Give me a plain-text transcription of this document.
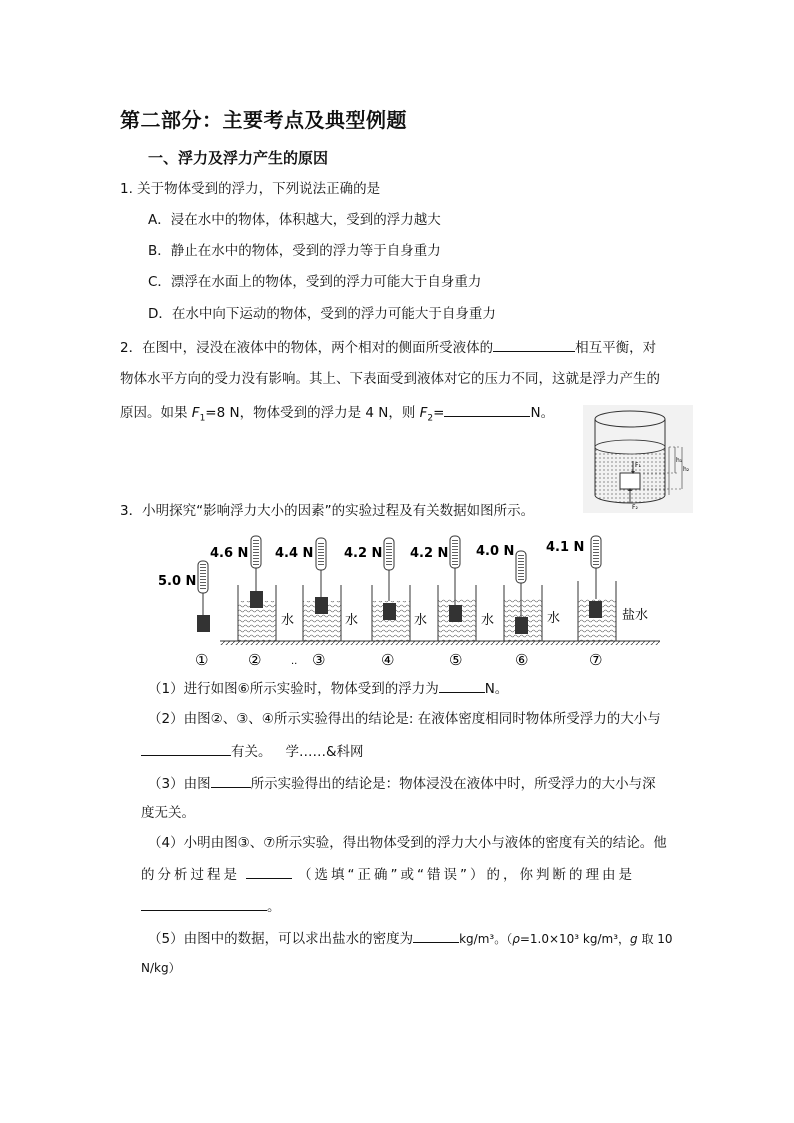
第二部分：主要考点及典型例题
一、浮力及浮力产生的原因
1. 关于物体受到的浮力，下列说法正确的是
A．浸在水中的物体，体积越大，受到的浮力越大
B．静止在水中的物体，受到的浮力等于自身重力
C．漂浮在水面上的物体，受到的浮力可能大于自身重力
D．在水中向下运动的物体，受到的浮力可能大于自身重力
2．在图中，浸没在液体中的物体，两个相对的侧面所受液体的	相互平衡，对
物体水平方向的受力没有影响。其上、下表面受到液体对它的压力不同，这就是浮力产生的
原因。如果 $F_1=8$ N，物体受到的浮力是 4 N，则 $F_2=$	N。
F₁
F₂
h₁
h₂
3．小明探究“影响浮力大小的因素”的实验过程及有关数据如图所示。
5.0 N
①
4.6 N
水
②
4.4 N
水
.. ③
4.2 N
水
④
4.2 N
水
⑤
4.0 N
水
⑥
4.1 N
盐水
⑦
（1）进行如图⑥所示实验时，物体受到的浮力为	N。
（2）由图②、③、④所示实验得出的结论是: 在液体密度相同时物体所受浮力的大小与
有关。 学……&科网
（3）由图	所示实验得出的结论是：物体浸没在液体中时，所受浮力的大小与深
度无关。
（4）小明由图③、⑦所示实验，得出物体受到的浮力大小与液体的密度有关的结论。他
的分析过程是	（选填“正确”或“错误”）的，你判断的理由是
。
（5）由图中的数据，可以求出盐水的密度为	kg/m³。（ρ=1.0×10³ kg/m³，g 取 10
N/kg）
